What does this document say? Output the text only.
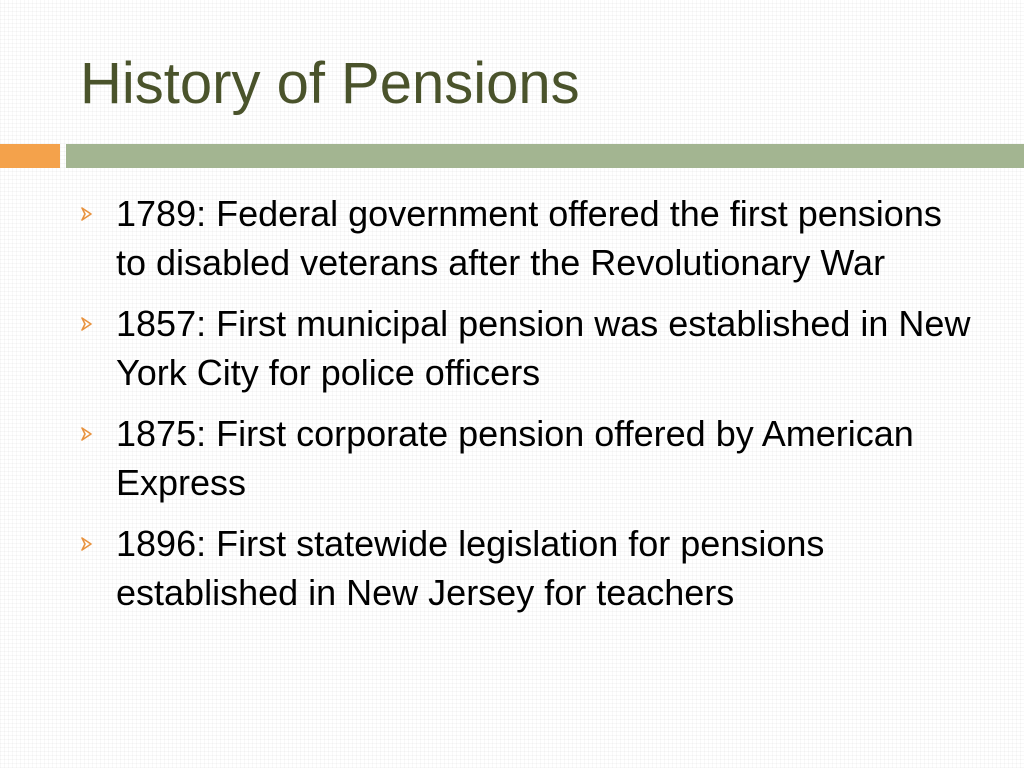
History of Pensions
1789: Federal government offered the first pensions to disabled veterans after the Revolutionary War
1857: First municipal pension was established in New York City for police officers
1875: First corporate pension offered by American Express
1896: First statewide legislation for pensions established in New Jersey for teachers
